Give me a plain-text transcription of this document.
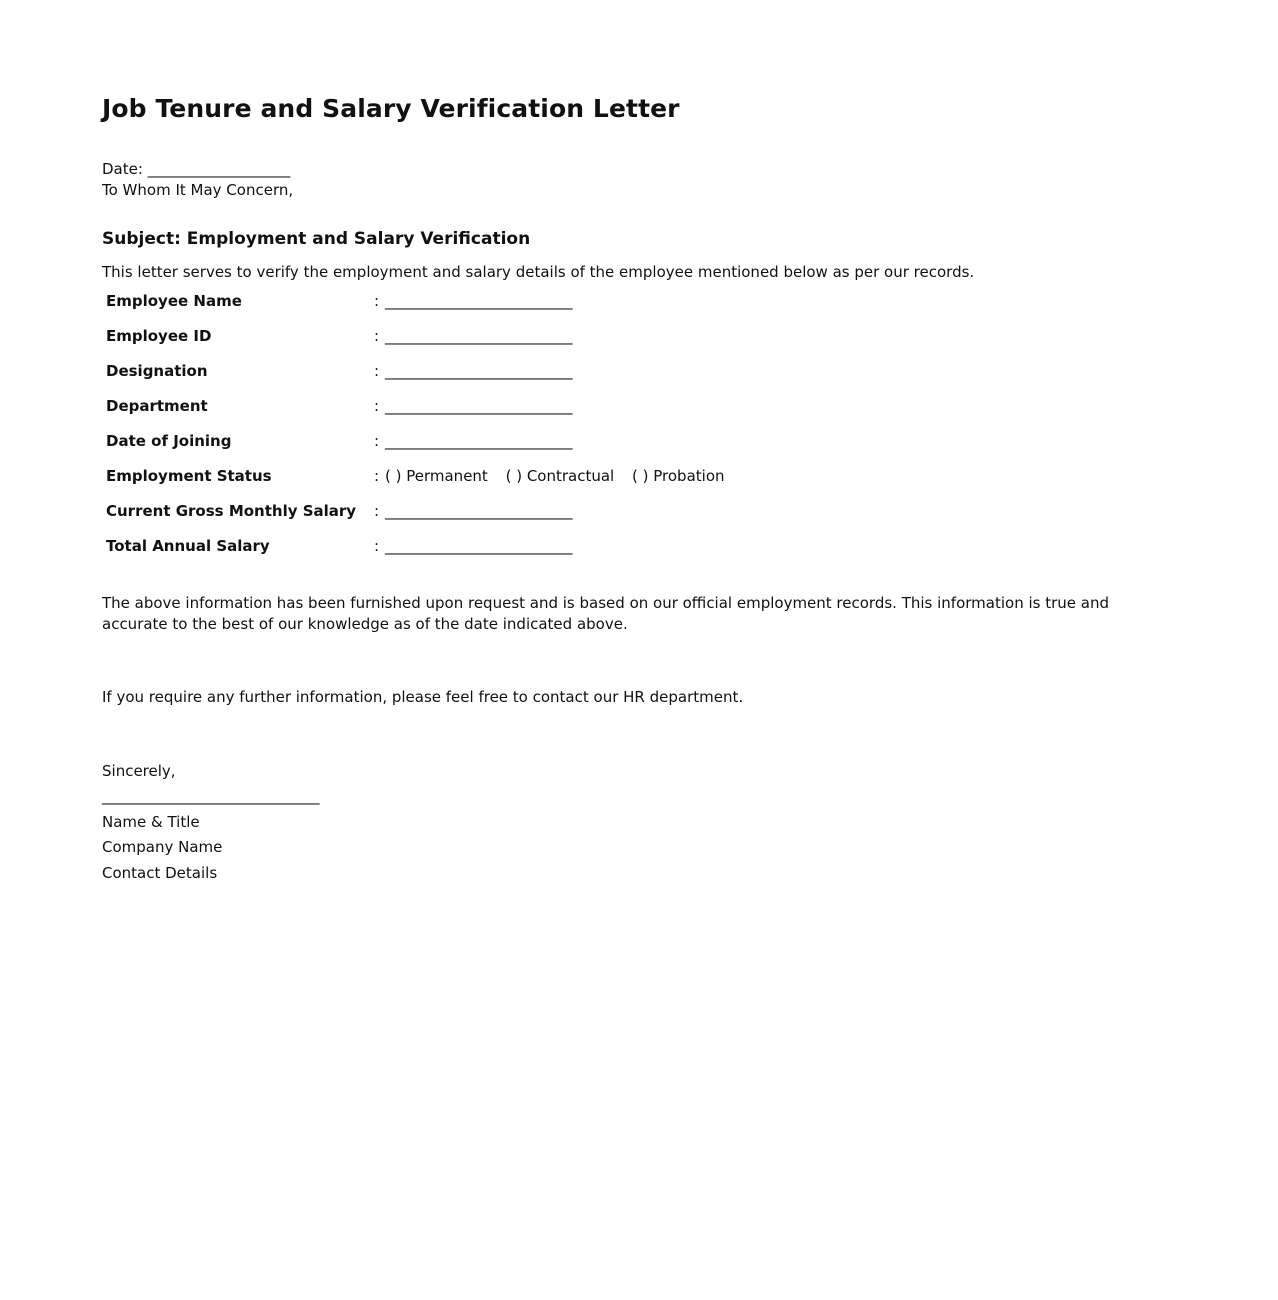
Job Tenure and Salary Verification Letter
Date: ___________________
To Whom It May Concern,
Subject: Employment and Salary Verification
This letter serves to verify the employment and salary details of the employee mentioned below as per our records.
Employee Name	: _________________________
Employee ID	: _________________________
Designation	: _________________________
Department	: _________________________
Date of Joining	: _________________________
Employment Status	: ( ) Permanent ( ) Contractual ( ) Probation
Current Gross Monthly Salary : _________________________
Total Annual Salary	: _________________________
The above information has been furnished upon request and is based on our official employment records. This information is true and accurate to the best of our knowledge as of the date indicated above.
If you require any further information, please feel free to contact our HR department.
Sincerely,
_____________________________
Name & Title
Company Name
Contact Details
